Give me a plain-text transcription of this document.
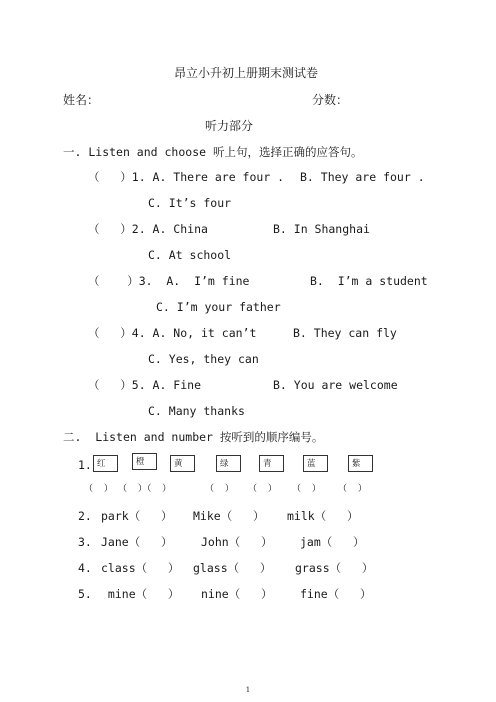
昂立小升初上册期末测试卷
姓名：	分数：
听力部分
一. Listen and choose 听上句，选择正确的应答句。
（   ）1. A. There are four . B. They are four .
C. It’s four
（   ）2. A. China	B. In Shanghai
C. At school
（    ）3.  A.  I’m fine	B.  I’m a student
C. I’m your father
（   ）4. A. No, it can’t	B. They can fly
C. Yes, they can
（   ）5. A. Fine	B. You are welcome
C. Many thanks
二.  Listen and number 按听到的顺序编号。
1. 红	橙	黄	绿	青	蓝	紫
（  ） （  ）（  ）	（  ） （  ） （  ） （  ）
2. park（   ） Mike（   ） milk（   ）
3. Jane（   ） John（   ） jam（   ）
4. class（   ） glass（   ） grass（   ）
5. mine（   ） nine（   ） fine（   ）
1
